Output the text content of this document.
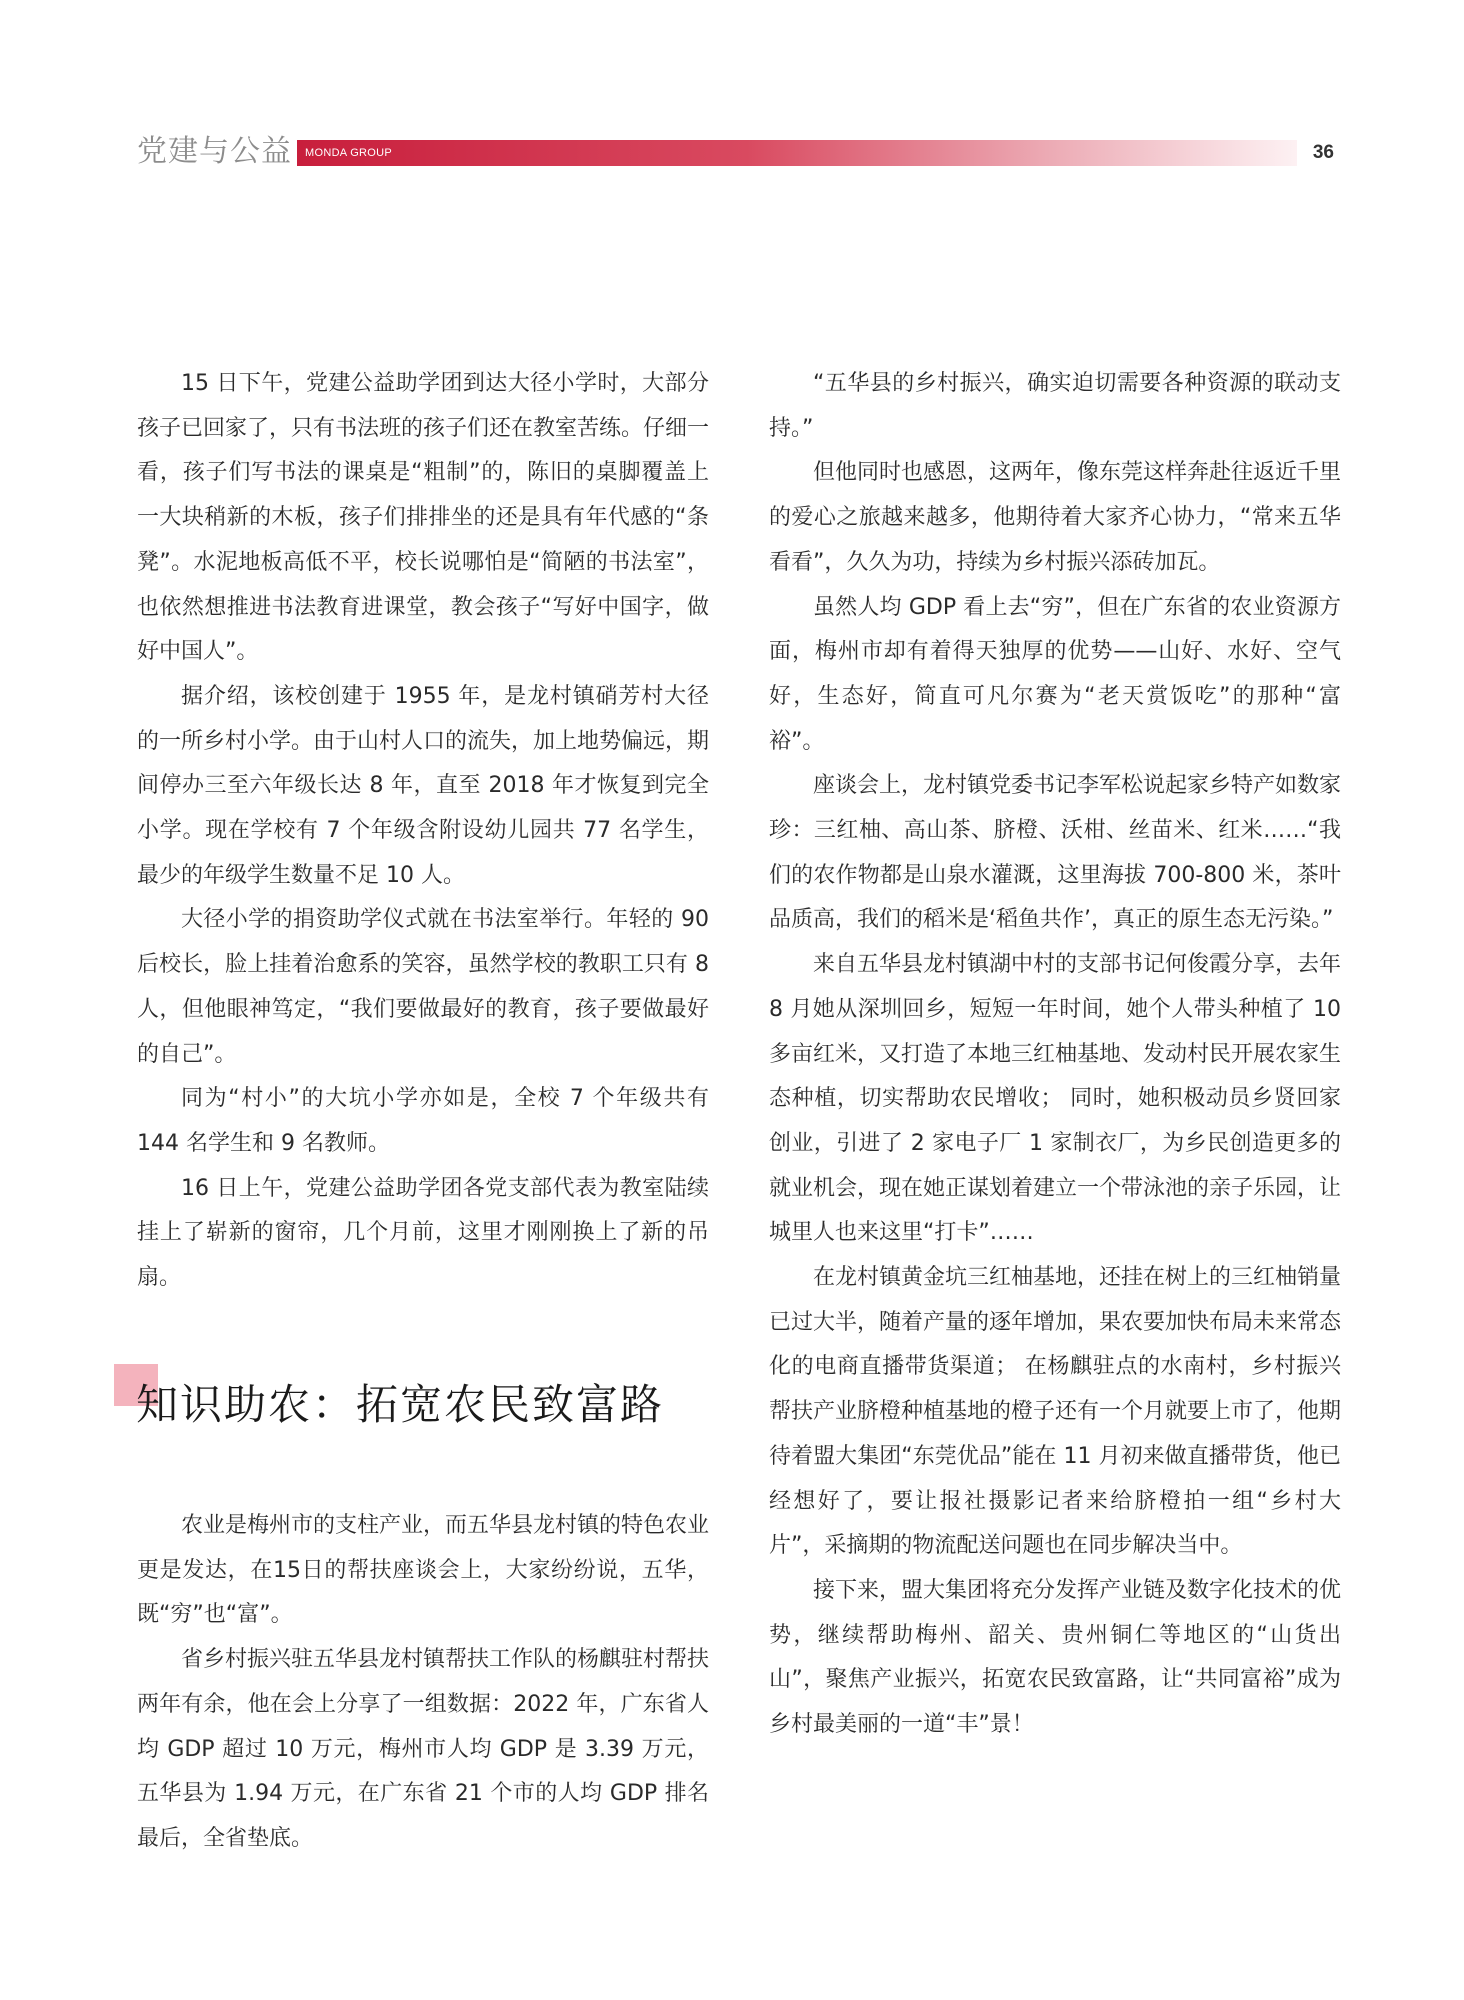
党建与公益 MONDA GROUP	36

15 日下午，党建公益助学团到达大径小学时，大部分孩子已回家了，只有书法班的孩子们还在教室苦练。仔细一看，孩子们写书法的课桌是“粗制”的，陈旧的桌脚覆盖上一大块稍新的木板，孩子们排排坐的还是具有年代感的“条凳”。水泥地板高低不平，校长说哪怕是“简陋的书法室”，也依然想推进书法教育进课堂，教会孩子“写好中国字，做好中国人”。

据介绍，该校创建于 1955 年，是龙村镇硝芳村大径的一所乡村小学。由于山村人口的流失，加上地势偏远，期间停办三至六年级长达 8 年，直至 2018 年才恢复到完全小学。现在学校有 7 个年级含附设幼儿园共 77 名学生，最少的年级学生数量不足 10 人。

大径小学的捐资助学仪式就在书法室举行。年轻的 90 后校长，脸上挂着治愈系的笑容，虽然学校的教职工只有 8 人，但他眼神笃定，“我们要做最好的教育，孩子要做最好的自己”。

同为“村小”的大坑小学亦如是，全校 7 个年级共有 144 名学生和 9 名教师。

16 日上午，党建公益助学团各党支部代表为教室陆续挂上了崭新的窗帘，几个月前，这里才刚刚换上了新的吊扇。

知识助农：拓宽农民致富路

农业是梅州市的支柱产业，而五华县龙村镇的特色农业更是发达，在15日的帮扶座谈会上，大家纷纷说，五华，既“穷”也“富”。

省乡村振兴驻五华县龙村镇帮扶工作队的杨麒驻村帮扶两年有余，他在会上分享了一组数据：2022 年，广东省人均 GDP 超过 10 万元，梅州市人均 GDP 是 3.39 万元，五华县为 1.94 万元，在广东省 21 个市的人均 GDP 排名最后，全省垫底。

“五华县的乡村振兴，确实迫切需要各种资源的联动支持。”

但他同时也感恩，这两年，像东莞这样奔赴往返近千里的爱心之旅越来越多，他期待着大家齐心协力，“常来五华看看”，久久为功，持续为乡村振兴添砖加瓦。

虽然人均 GDP 看上去“穷”，但在广东省的农业资源方面，梅州市却有着得天独厚的优势——山好、水好、空气好，生态好，简直可凡尔赛为“老天赏饭吃”的那种“富裕”。

座谈会上，龙村镇党委书记李军松说起家乡特产如数家珍：三红柚、高山茶、脐橙、沃柑、丝苗米、红米……“我们的农作物都是山泉水灌溉，这里海拔 700-800 米，茶叶品质高，我们的稻米是‘稻鱼共作’，真正的原生态无污染。”

来自五华县龙村镇湖中村的支部书记何俊霞分享，去年 8 月她从深圳回乡，短短一年时间，她个人带头种植了 10 多亩红米，又打造了本地三红柚基地、发动村民开展农家生态种植，切实帮助农民增收； 同时，她积极动员乡贤回家创业，引进了 2 家电子厂 1 家制衣厂，为乡民创造更多的就业机会，现在她正谋划着建立一个带泳池的亲子乐园，让城里人也来这里“打卡”……

在龙村镇黄金坑三红柚基地，还挂在树上的三红柚销量已过大半，随着产量的逐年增加，果农要加快布局未来常态化的电商直播带货渠道； 在杨麒驻点的水南村，乡村振兴帮扶产业脐橙种植基地的橙子还有一个月就要上市了，他期待着盟大集团“东莞优品”能在 11 月初来做直播带货，他已经想好了，要让报社摄影记者来给脐橙拍一组“乡村大片”，采摘期的物流配送问题也在同步解决当中。

接下来，盟大集团将充分发挥产业链及数字化技术的优势，继续帮助梅州、韶关、贵州铜仁等地区的“山货出山”，聚焦产业振兴，拓宽农民致富路，让“共同富裕”成为乡村最美丽的一道“丰”景！
